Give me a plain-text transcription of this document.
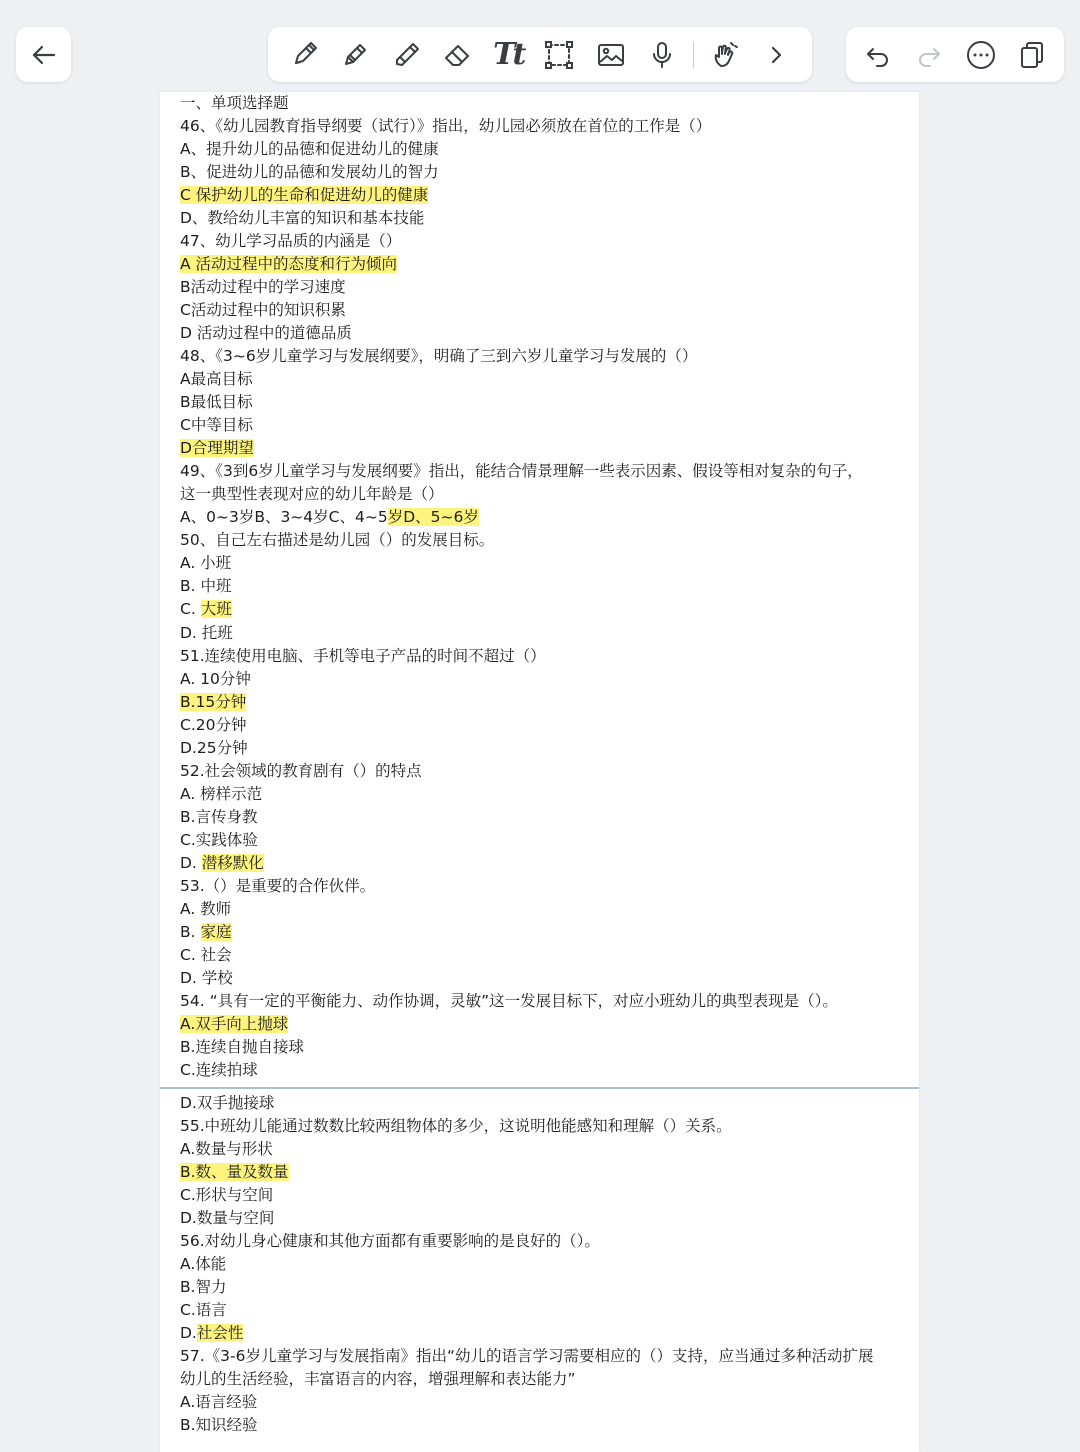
Tt
一、单项选择题
46、《幼儿园教育指导纲要（试行）》指出，幼儿园必须放在首位的工作是（）
A、提升幼儿的品德和促进幼儿的健康
B、促进幼儿的品德和发展幼儿的智力
C 保护幼儿的生命和促进幼儿的健康
D、教给幼儿丰富的知识和基本技能
47、幼儿学习品质的内涵是（）
A 活动过程中的态度和行为倾向
B活动过程中的学习速度
C活动过程中的知识积累
D 活动过程中的道德品质
48、《3~6岁儿童学习与发展纲要》，明确了三到六岁儿童学习与发展的（）
A最高目标
B最低目标
C中等目标
D合理期望
49、《3到6岁儿童学习与发展纲要》指出，能结合情景理解一些表示因素、假设等相对复杂的句子，
这一典型性表现对应的幼儿年龄是（）
A、0~3岁B、3~4岁C、4~5岁D、5~6岁
50、自己左右描述是幼儿园（）的发展目标。
A. 小班
B. 中班
C. 大班
D. 托班
51.连续使用电脑、手机等电子产品的时间不超过（）
A. 10分钟
B.15分钟
C.20分钟
D.25分钟
52.社会领域的教育剧有（）的特点
A. 榜样示范
B.言传身教
C.实践体验
D. 潜移默化
53.（）是重要的合作伙伴。
A. 教师
B. 家庭
C. 社会
D. 学校
54. “具有一定的平衡能力、动作协调，灵敏”这一发展目标下，对应小班幼儿的典型表现是（）。
A.双手向上抛球
B.连续自抛自接球
C.连续拍球
D.双手抛接球
55.中班幼儿能通过数数比较两组物体的多少，这说明他能感知和理解（）关系。
A.数量与形状
B.数、量及数量
C.形状与空间
D.数量与空间
56.对幼儿身心健康和其他方面都有重要影响的是良好的（）。
A.体能
B.智力
C.语言
D.社会性
57.《3-6岁儿童学习与发展指南》指出“幼儿的语言学习需要相应的（）支持，应当通过多种活动扩展
幼儿的生活经验，丰富语言的内容，增强理解和表达能力”
A.语言经验
B.知识经验
